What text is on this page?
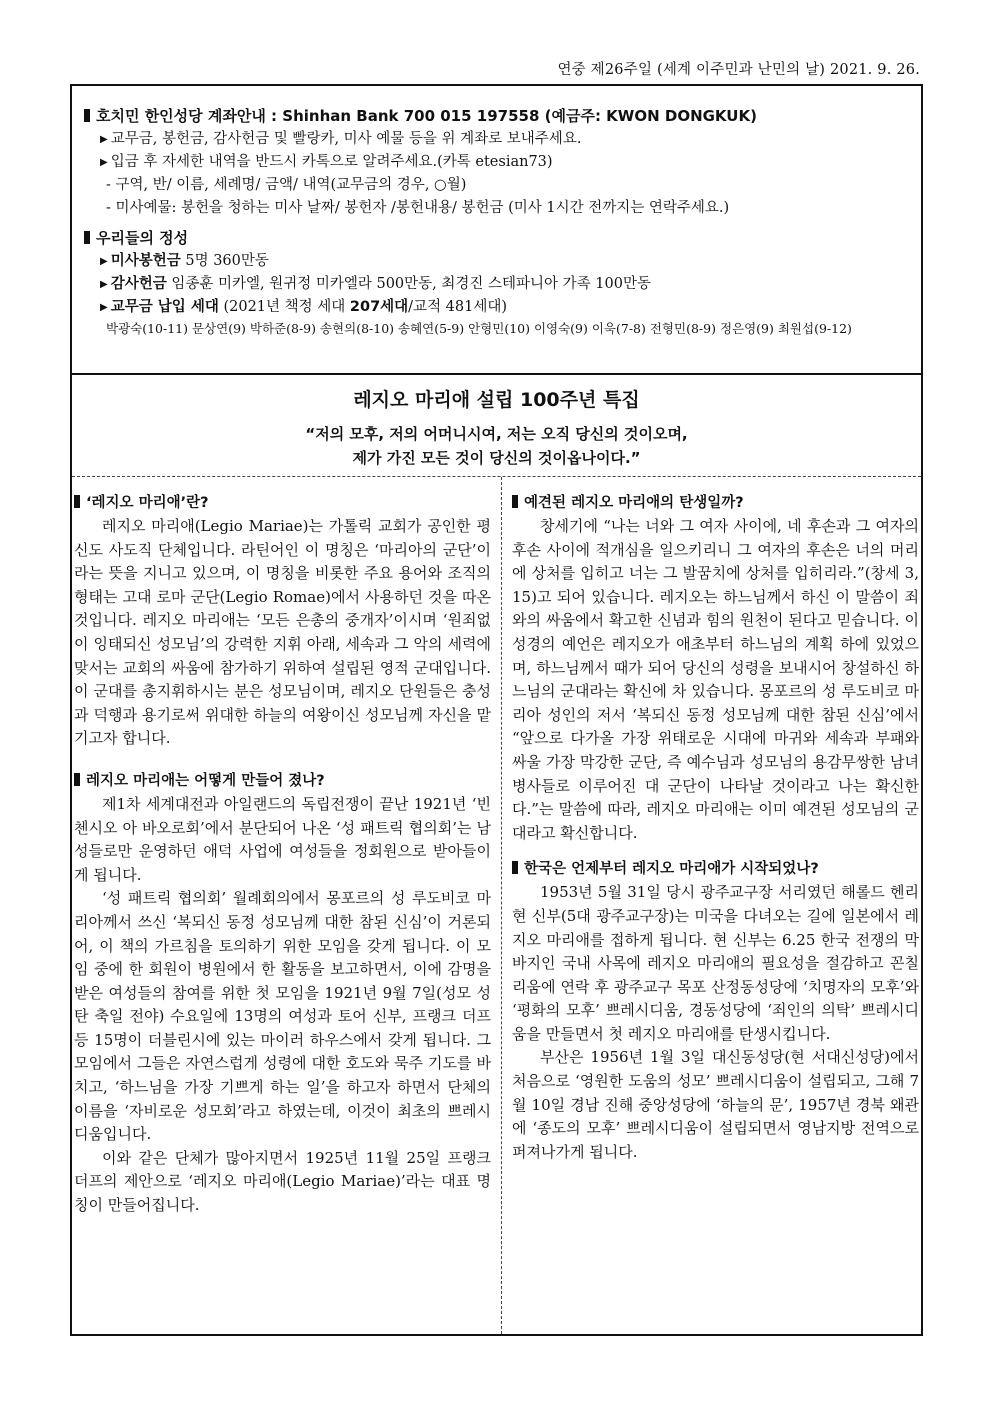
연중 제26주일 (세계 이주민과 난민의 날) 2021. 9. 26.
호치민 한인성당 계좌안내 : Shinhan Bank 700 015 197558 (예금주: KWON DONGKUK)
▶ 교무금, 봉헌금, 감사헌금 및 빨랑카, 미사 예물 등을 위 계좌로 보내주세요.
▶ 입금 후 자세한 내역을 반드시 카톡으로 알려주세요.(카톡 etesian73)
- 구역, 반/ 이름, 세례명/ 금액/ 내역(교무금의 경우, ○월)
- 미사예물: 봉헌을 청하는 미사 날짜/ 봉헌자 /봉헌내용/ 봉헌금 (미사 1시간 전까지는 연락주세요.)
우리들의 정성
▶ 미사봉헌금 5명 360만동
▶ 감사헌금 임종훈 미카엘, 원귀정 미카엘라 500만동, 최경진 스테파니아 가족 100만동
▶ 교무금 납입 세대 (2021년 책정 세대 207세대/교적 481세대)
박광숙(10-11) 문상연(9) 박하준(8-9) 송현의(8-10) 송혜연(5-9) 안형민(10) 이영숙(9) 이욱(7-8) 전형민(8-9) 정은영(9) 최원섭(9-12)
레지오 마리애 설립 100주년 특집
“저의 모후, 저의 어머니시여, 저는 오직 당신의 것이오며,
제가 가진 모든 것이 당신의 것이옵나이다.”
‘레지오 마리애’란?

레지오 마리애(Legio Mariae)는 가톨릭 교회가 공인한 평신도 사도직 단체입니다. 라틴어인 이 명칭은 ‘마리아의 군단’이라는 뜻을 지니고 있으며, 이 명칭을 비롯한 주요 용어와 조직의 형태는 고대 로마 군단(Legio Romae)에서 사용하던 것을 따온 것입니다. 레지오 마리애는 ‘모든 은총의 중개자’이시며 ‘원죄없이 잉태되신 성모님’의 강력한 지휘 아래, 세속과 그 악의 세력에 맞서는 교회의 싸움에 참가하기 위하여 설립된 영적 군대입니다. 이 군대를 총지휘하시는 분은 성모님이며, 레지오 단원들은 충성과 덕행과 용기로써 위대한 하늘의 여왕이신 성모님께 자신을 맡기고자 합니다.

레지오 마리애는 어떻게 만들어 졌나?

제1차 세계대전과 아일랜드의 독립전쟁이 끝난 1921년 ‘빈첸시오 아 바오로회’에서 분단되어 나온 ‘성 패트릭 협의회’는 남성들로만 운영하던 애덕 사업에 여성들을 정회원으로 받아들이게 됩니다.

‘성 패트릭 협의회’ 월례회의에서 몽포르의 성 루도비코 마리아께서 쓰신 ‘복되신 동정 성모님께 대한 참된 신심’이 거론되어, 이 책의 가르침을 토의하기 위한 모임을 갖게 됩니다. 이 모임 중에 한 회원이 병원에서 한 활동을 보고하면서, 이에 감명을 받은 여성들의 참여를 위한 첫 모임을 1921년 9월 7일(성모 성탄 축일 전야) 수요일에 13명의 여성과 토어 신부, 프랭크 더프 등 15명이 더블린시에 있는 마이러 하우스에서 갖게 됩니다. 그 모임에서 그들은 자연스럽게 성령에 대한 호도와 묵주 기도를 바치고, ‘하느님을 가장 기쁘게 하는 일’을 하고자 하면서 단체의 이름을 ‘자비로운 성모회’라고 하였는데, 이것이 최초의 쁘레시디움입니다.

이와 같은 단체가 많아지면서 1925년 11월 25일 프랭크 더프의 제안으로 ‘레지오 마리애(Legio Mariae)’라는 대표 명칭이 만들어집니다.

예견된 레지오 마리애의 탄생일까?

창세기에 “나는 너와 그 여자 사이에, 네 후손과 그 여자의 후손 사이에 적개심을 일으키리니 그 여자의 후손은 너의 머리에 상처를 입히고 너는 그 발꿈치에 상처를 입히리라.”(창세 3,15)고 되어 있습니다. 레지오는 하느님께서 하신 이 말씀이 죄와의 싸움에서 확고한 신념과 힘의 원천이 된다고 믿습니다. 이 성경의 예언은 레지오가 애초부터 하느님의 계획 하에 있었으며, 하느님께서 때가 되어 당신의 성령을 보내시어 창설하신 하느님의 군대라는 확신에 차 있습니다. 몽포르의 성 루도비코 마리아 성인의 저서 ‘복되신 동정 성모님께 대한 참된 신심’에서 “앞으로 다가올 가장 위태로운 시대에 마귀와 세속과 부패와 싸울 가장 막강한 군단, 즉 예수님과 성모님의 용감무쌍한 남녀 병사들로 이루어진 대 군단이 나타날 것이라고 나는 확신한다.”는 말씀에 따라, 레지오 마리애는 이미 예견된 성모님의 군대라고 확신합니다.

한국은 언제부터 레지오 마리애가 시작되었나?

1953년 5월 31일 당시 광주교구장 서리였던 해롤드 헨리 현 신부(5대 광주교구장)는 미국을 다녀오는 길에 일본에서 레지오 마리애를 접하게 됩니다. 현 신부는 6.25 한국 전쟁의 막바지인 국내 사목에 레지오 마리애의 필요성을 절감하고 꼰칠리움에 연락 후 광주교구 목포 산정동성당에 ‘치명자의 모후’와 ‘평화의 모후’ 쁘레시디움, 경동성당에 ‘죄인의 의탁’ 쁘레시디움을 만들면서 첫 레지오 마리애를 탄생시킵니다.

부산은 1956년 1월 3일 대신동성당(현 서대신성당)에서 처음으로 ‘영원한 도움의 성모’ 쁘레시디움이 설립되고, 그해 7월 10일 경남 진해 중앙성당에 ‘하늘의 문’, 1957년 경북 왜관에 ‘종도의 모후’ 쁘레시디움이 설립되면서 영남지방 전역으로 퍼져나가게 됩니다.
